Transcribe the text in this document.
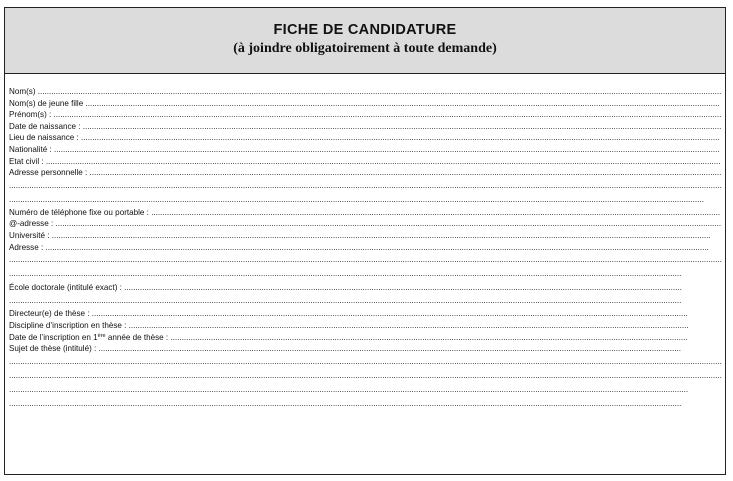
FICHE DE CANDIDATURE
(à joindre obligatoirement à toute demande)
Nom(s) ................................................................................................................................................................................................................................................................................................................
Nom(s) de jeune fille ..........................................................................................................................................................................................................................................................................................
Prénom(s) : .........................................................................................................................................................................................................................................................................................................
Date de naissance : ............................................................................................................................................................................................................................................................................................
Lieu de naissance : ............................................................................................................................................................................................................................................................................................
Nationalité : ........................................................................................................................................................................................................................................................................................................
Etat civil : ............................................................................................................................................................................................................................................................................................................
Adresse personnelle : .........................................................................................................................................................................................................................................................................................
.............................................................................................................................................................................................................................................................................................................................
.....................................................................................................................................................................................................................................................................................................................
Numéro de téléphone fixe ou portable : .............................................................................................................................................................................................................................................................
@-adresse : ........................................................................................................................................................................................................................................................................................................
Université : .....................................................................................................................................................................................................................................................................................................
Adresse : .......................................................................................................................................................................................................................................................................................................
.............................................................................................................................................................................................................................................................................................................................
...........................................................................................................................................................................................................................................................................................................
École doctorale (intitulé exact) : ........................................................................................................................................................................................................................................................
...........................................................................................................................................................................................................................................................................................................
Directeur(e) de thèse : .........................................................................................................................................................................................................................................................................
Discipline d’inscription en thèse : .........................................................................................................................................................................................................................................................
Date de l’inscription en 1ère année de thèse : ......................................................................................................................................................................................................................................
Sujet de thèse (intitulé) : ...................................................................................................................................................................................................................................................................
.............................................................................................................................................................................................................................................................................................................................
.............................................................................................................................................................................................................................................................................................................................
..............................................................................................................................................................................................................................................................................................................
...........................................................................................................................................................................................................................................................................................................
